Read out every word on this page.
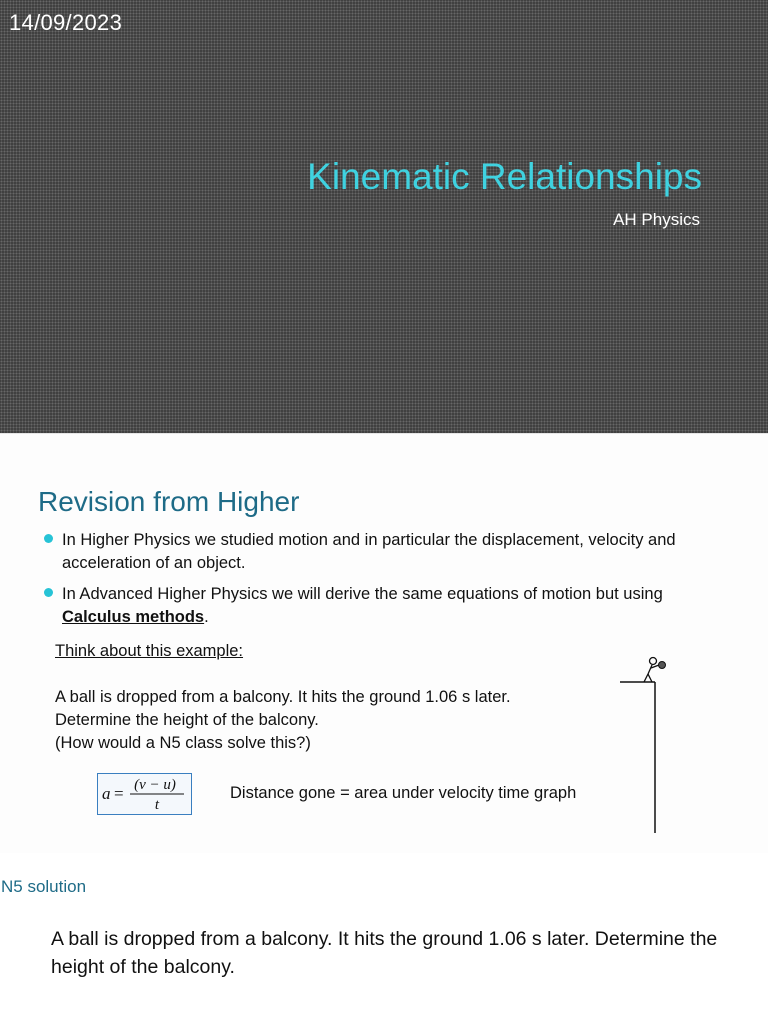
14/09/2023
Kinematic Relationships
AH Physics
Revision from Higher
In Higher Physics we studied motion and in particular the displacement, velocity and acceleration of an object.
In Advanced Higher Physics we will derive the same equations of motion but using
Calculus methods.
Think about this example:
A ball is dropped from a balcony. It hits the ground 1.06 s later.
Determine the height of the balcony.
(How would a N5 class solve this?)
a = (v − u)
t
Distance gone = area under velocity time graph
N5 solution
A ball is dropped from a balcony. It hits the ground 1.06 s later. Determine the height of the balcony.
